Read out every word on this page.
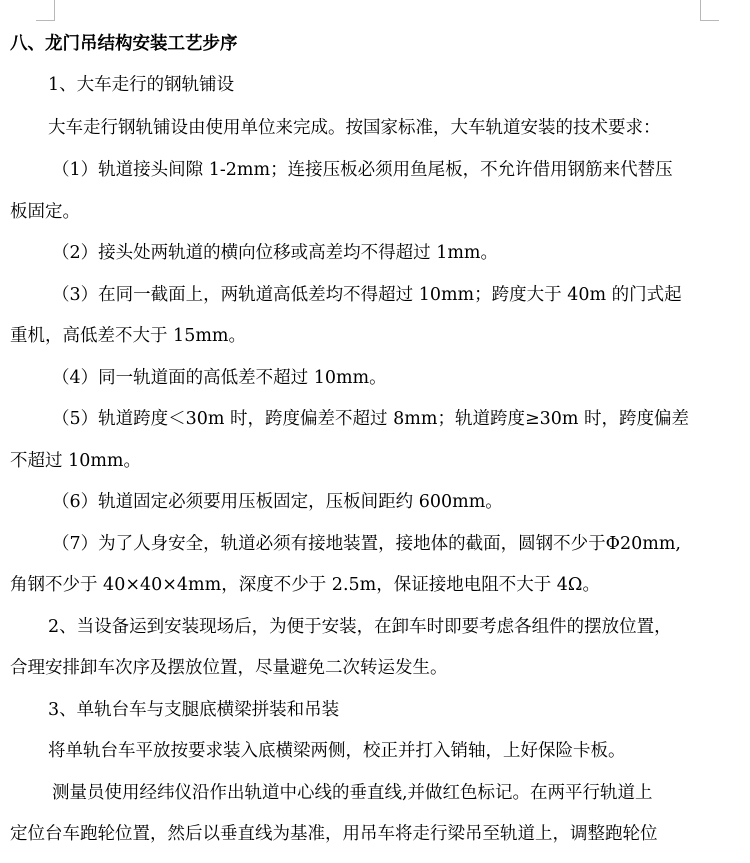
八、龙门吊结构安装工艺步序
1、大车走行的钢轨铺设
大车走行钢轨铺设由使用单位来完成。按国家标准，大车轨道安装的技术要求：
（1）轨道接头间隙 1-2mm；连接压板必须用鱼尾板，不允许借用钢筋来代替压
板固定。
（2）接头处两轨道的横向位移或高差均不得超过 1mm。
（3）在同一截面上，两轨道高低差均不得超过 10mm；跨度大于 40m 的门式起
重机，高低差不大于 15mm。
（4）同一轨道面的高低差不超过 10mm。
（5）轨道跨度＜30m 时，跨度偏差不超过 8mm；轨道跨度≥30m 时，跨度偏差
不超过 10mm。
（6）轨道固定必须要用压板固定，压板间距约 600mm。
（7）为了人身安全，轨道必须有接地装置，接地体的截面，圆钢不少于Φ20mm,
角钢不少于 40×40×4mm，深度不少于 2.5m，保证接地电阻不大于 4Ω。
2、当设备运到安装现场后，为便于安装，在卸车时即要考虑各组件的摆放位置，
合理安排卸车次序及摆放位置，尽量避免二次转运发生。
3、单轨台车与支腿底横梁拼装和吊装
将单轨台车平放按要求装入底横梁两侧，校正并打入销轴，上好保险卡板。
测量员使用经纬仪沿作出轨道中心线的垂直线,并做红色标记。在两平行轨道上
定位台车跑轮位置，然后以垂直线为基准，用吊车将走行梁吊至轨道上，调整跑轮位
